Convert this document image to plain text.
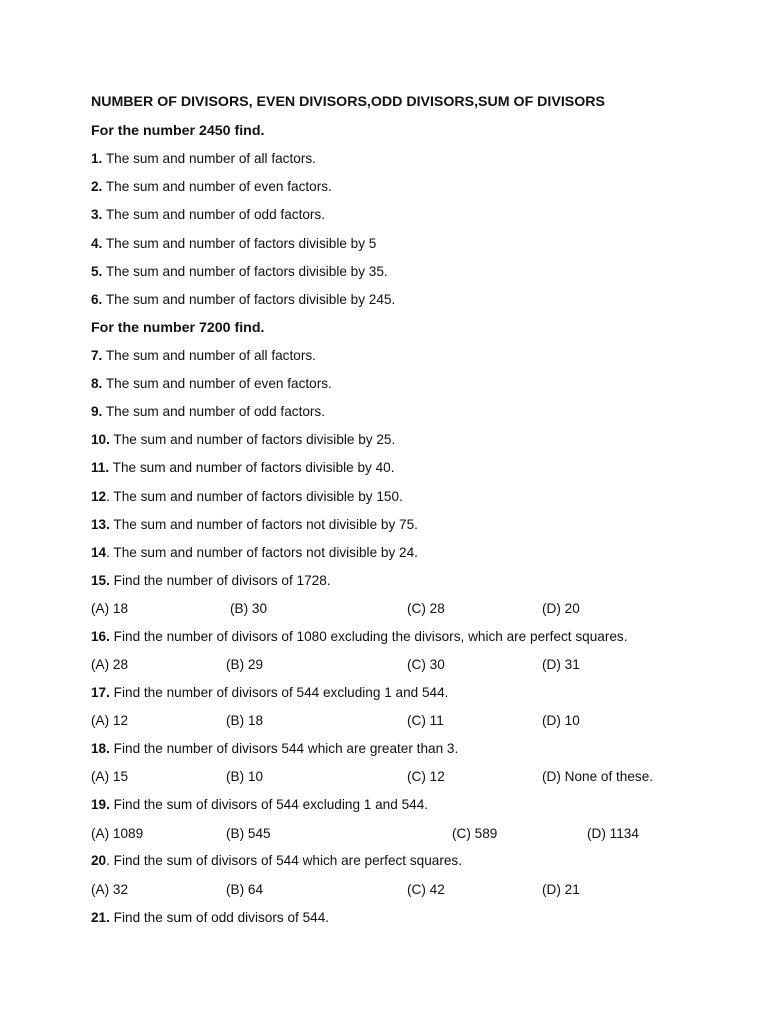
NUMBER OF DIVISORS, EVEN DIVISORS,ODD DIVISORS,SUM OF DIVISORS
For the number 2450 find.
1. The sum and number of all factors.
2. The sum and number of even factors.
3. The sum and number of odd factors.
4. The sum and number of factors divisible by 5
5. The sum and number of factors divisible by 35.
6. The sum and number of factors divisible by 245.
For the number 7200 find.
7. The sum and number of all factors.
8. The sum and number of even factors.
9. The sum and number of odd factors.
10. The sum and number of factors divisible by 25.
11. The sum and number of factors divisible by 40.
12. The sum and number of factors divisible by 150.
13. The sum and number of factors not divisible by 75.
14. The sum and number of factors not divisible by 24.
15. Find the number of divisors of 1728.
(A) 18	(B) 30	(C) 28	(D) 20
16. Find the number of divisors of 1080 excluding the divisors, which are perfect squares.
(A) 28	(B) 29	(C) 30	(D) 31
17. Find the number of divisors of 544 excluding 1 and 544.
(A) 12	(B) 18	(C) 11	(D) 10
18. Find the number of divisors 544 which are greater than 3.
(A) 15	(B) 10	(C) 12	(D) None of these.
19. Find the sum of divisors of 544 excluding 1 and 544.
(A) 1089	(B) 545	(C) 589	(D) 1134
20. Find the sum of divisors of 544 which are perfect squares.
(A) 32	(B) 64	(C) 42	(D) 21
21. Find the sum of odd divisors of 544.
